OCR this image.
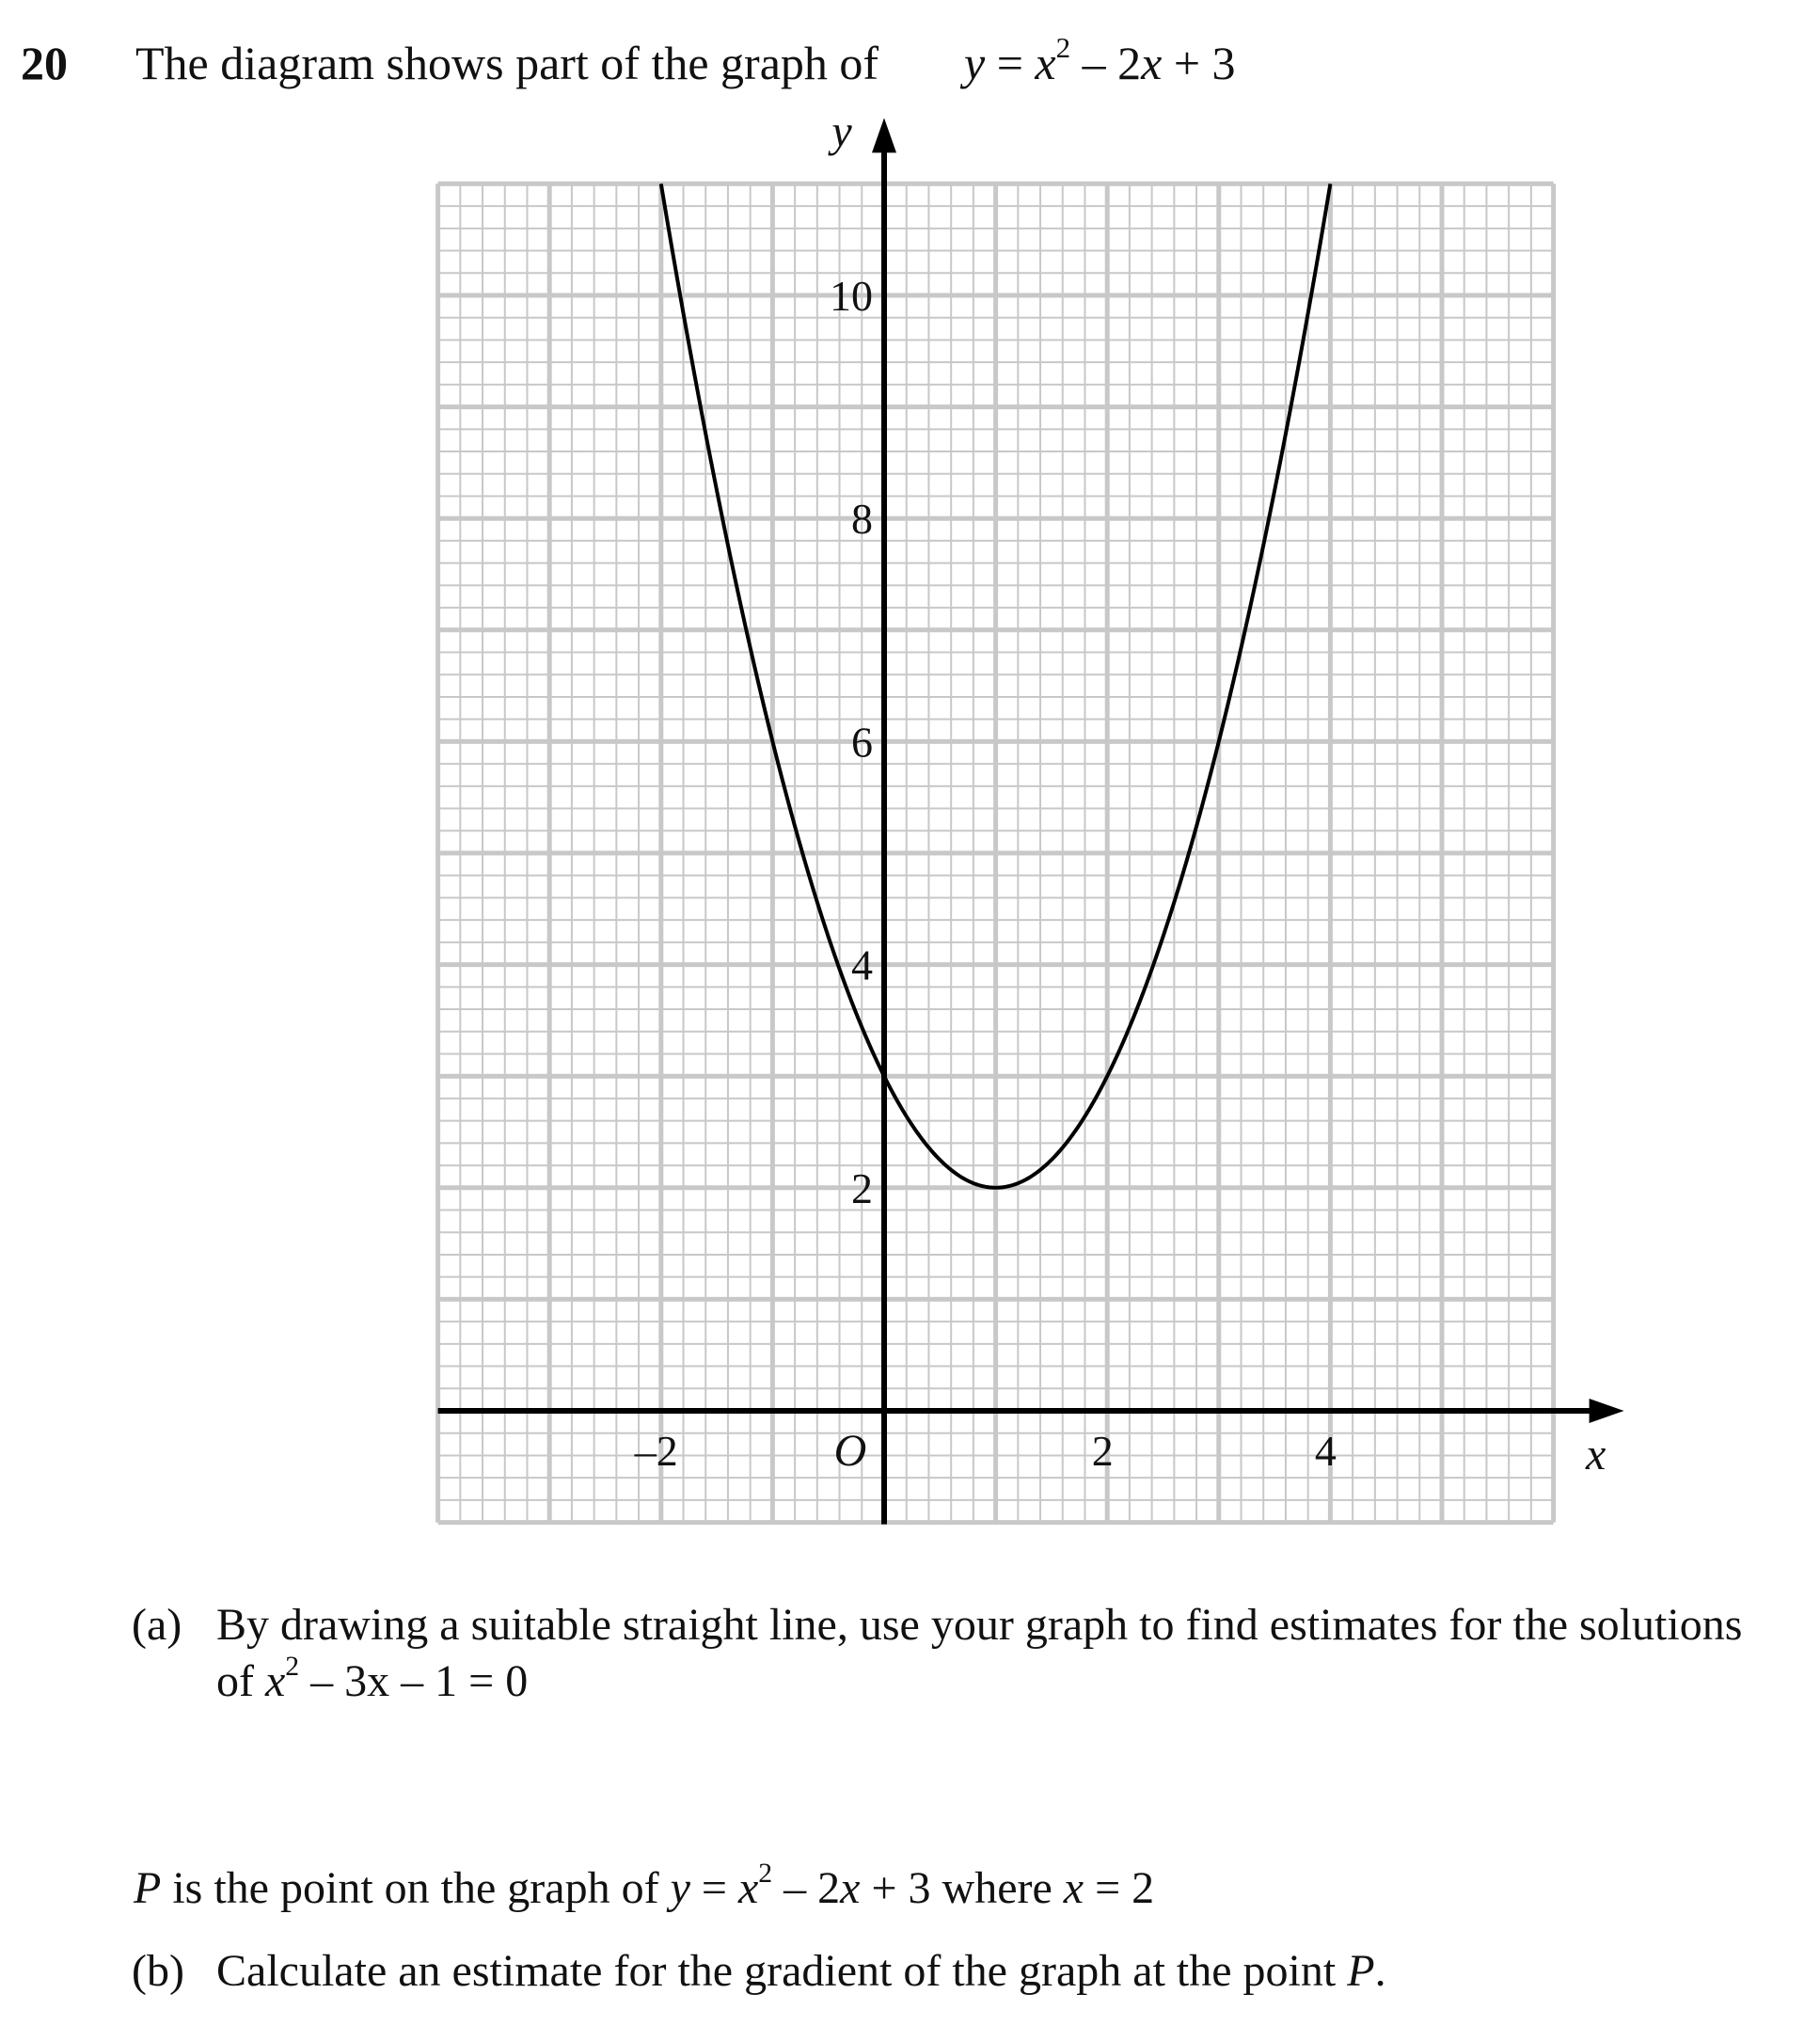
20 The diagram shows part of the graph of $y = x^2 - 2x + 3$
–2	2	4
2
4
6
8
10
O	x
y
(a) By drawing a suitable straight line, use your graph to find estimates for the solutions
of $x^2 - 3x - 1 = 0$
P is the point on the graph of $y = x^2 - 2x + 3$ where x = 2
(b) Calculate an estimate for the gradient of the graph at the point P.
